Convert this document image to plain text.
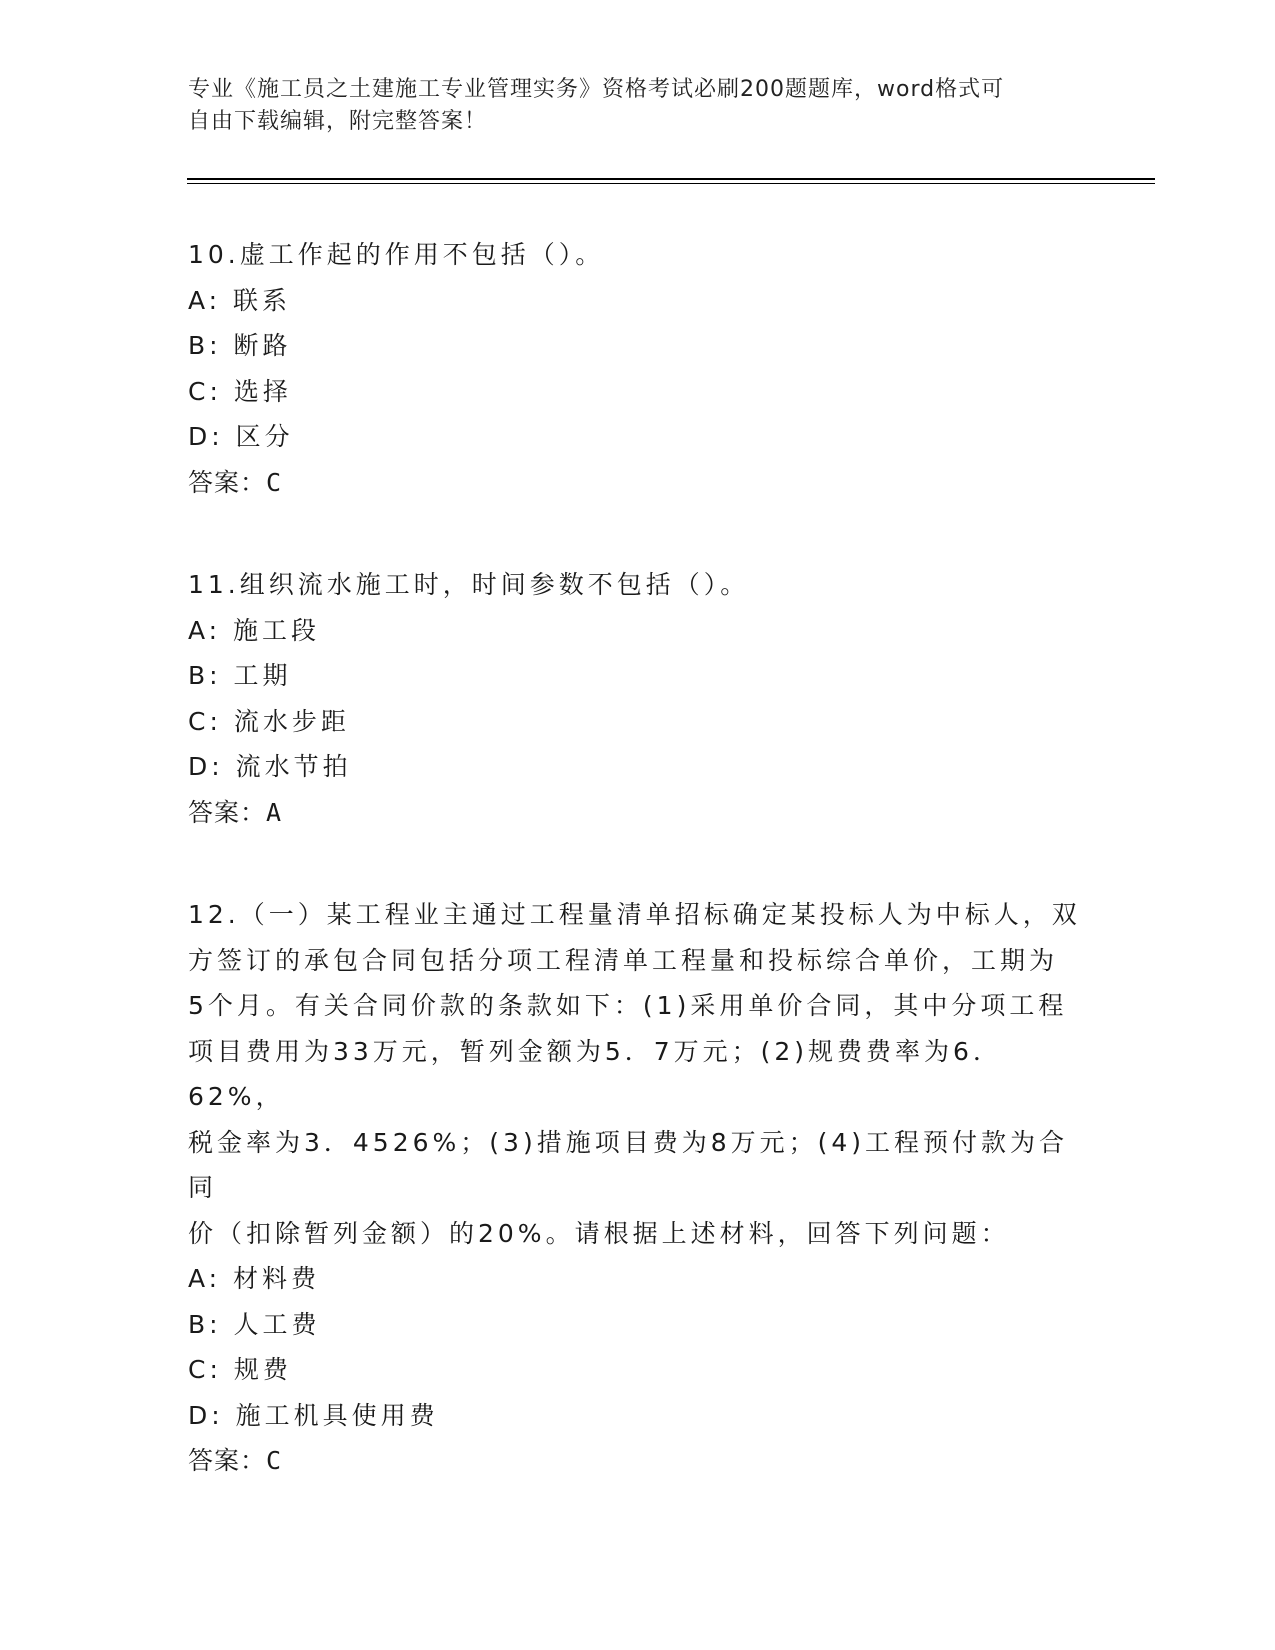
专业《施工员之土建施工专业管理实务》资格考试必刷200题题库，word格式可
自由下载编辑，附完整答案！

10.虚工作起的作用不包括（）。

A: 联系

B: 断路

C: 选择

D: 区分

答案：C

11.组织流水施工时，时间参数不包括（）。

A: 施工段

B: 工期

C: 流水步距

D: 流水节拍

答案：A

12.（一）某工程业主通过工程量清单招标确定某投标人为中标人，双

方签订的承包合同包括分项工程清单工程量和投标综合单价，工期为

5个月。有关合同价款的条款如下：(1)采用单价合同，其中分项工程

项目费用为33万元，暂列金额为5．7万元；(2)规费费率为6．62%，

税金率为3．4526%；(3)措施项目费为8万元；(4)工程预付款为合同

价（扣除暂列金额）的20%。请根据上述材料，回答下列问题：

A: 材料费

B: 人工费

C: 规费

D: 施工机具使用费

答案：C
